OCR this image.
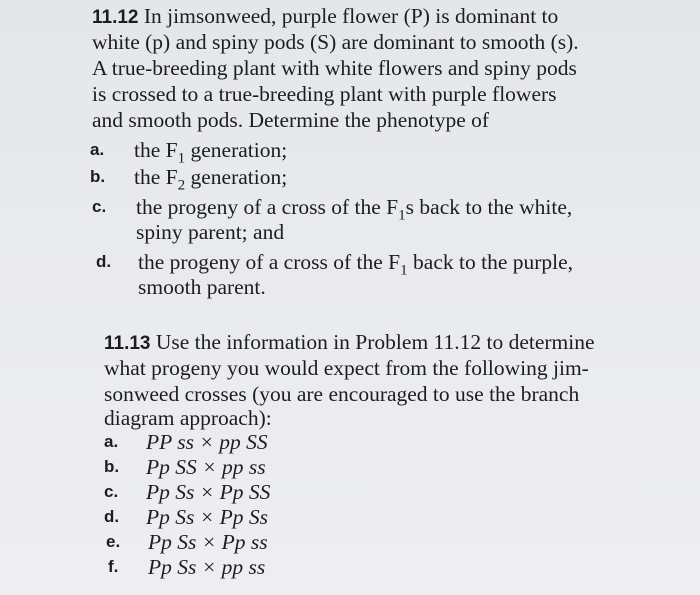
11.12 In jimsonweed, purple flower (P) is dominant to
white (p) and spiny pods (S) are dominant to smooth (s).
A true-breeding plant with white flowers and spiny pods
is crossed to a true-breeding plant with purple flowers
and smooth pods. Determine the phenotype of
a. the $F_1$ generation;
b. the $F_2$ generation;
c. the progeny of a cross of the $F_1s$ back to the white,
spiny parent; and
d. the progeny of a cross of the $F_1$ back to the purple,
smooth parent.
11.13 Use the information in Problem 11.12 to determine
what progeny you would expect from the following jim-
sonweed crosses (you are encouraged to use the branch
diagram approach):
a. PP ss × pp SS
b. Pp SS × pp ss
c. Pp Ss × Pp SS
d. Pp Ss × Pp Ss
e. Pp Ss × Pp ss
f. Pp Ss × pp ss
